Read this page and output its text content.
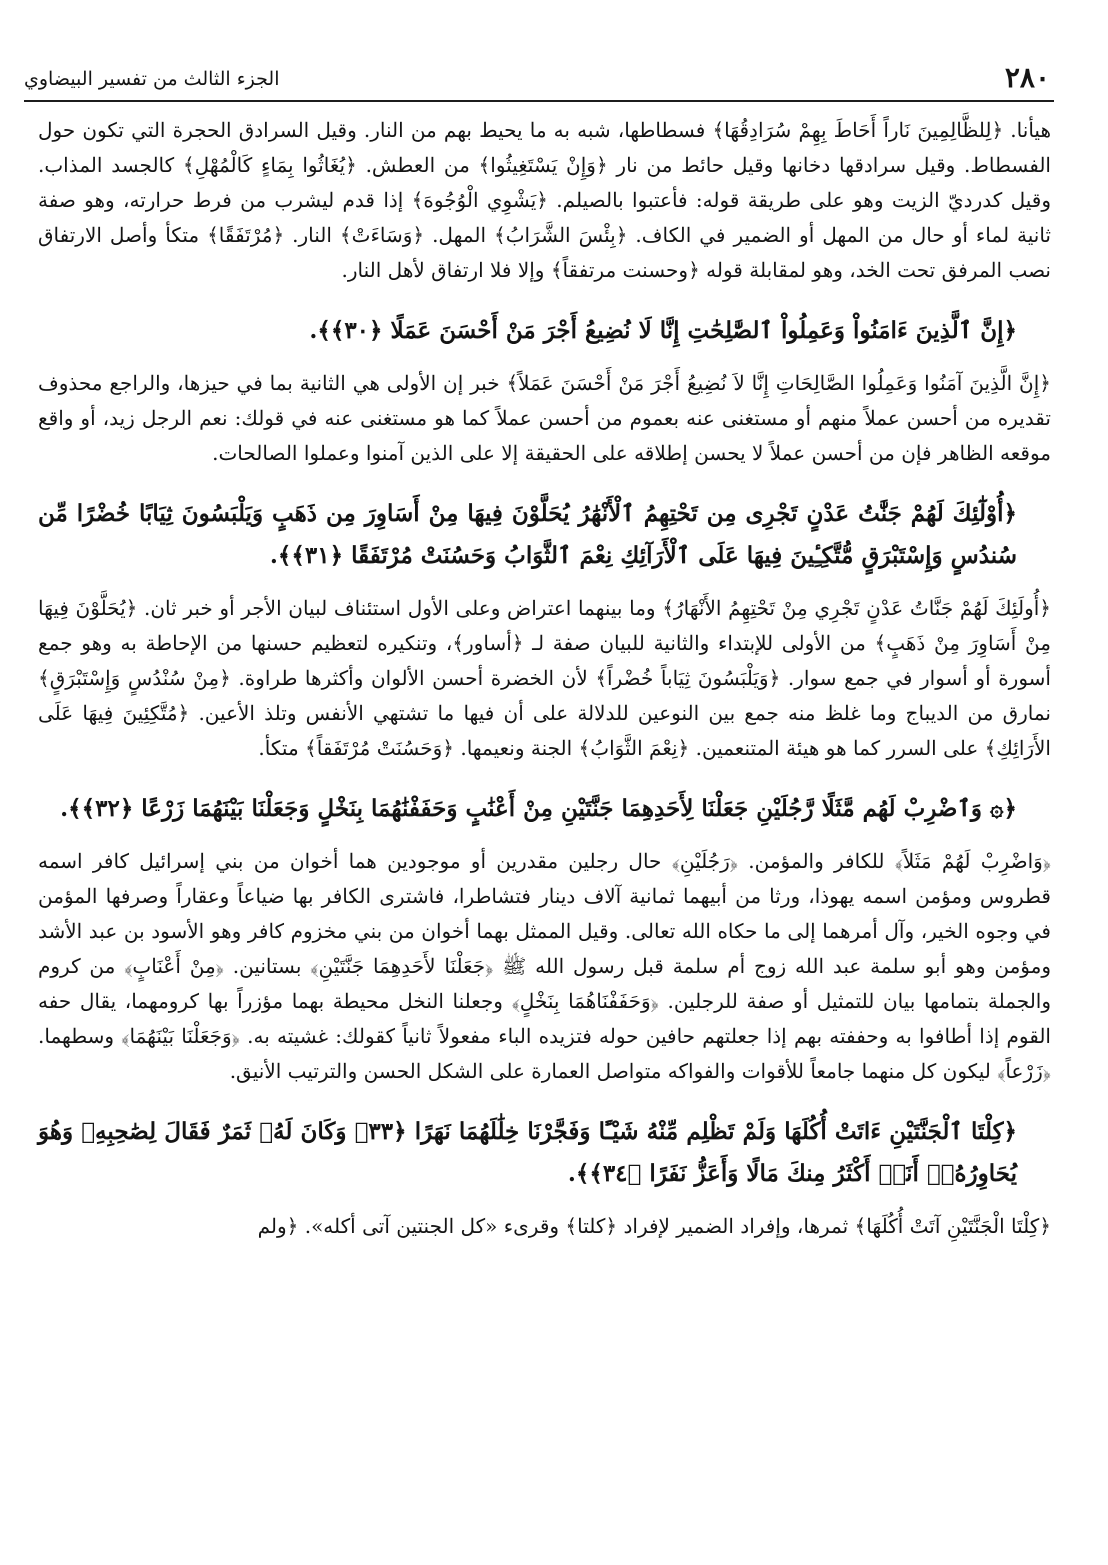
٢٨٠
الجزء الثالث من تفسير البيضاوي

هيأنا. ﴿لِلظَّالِمِينَ نَاراً أَحَاطَ بِهِمْ سُرَادِقُهَا﴾ فسطاطها، شبه به ما يحيط بهم من النار. وقيل السرادق الحجرة التي تكون حول الفسطاط. وقيل سرادقها دخانها وقيل حائط من نار ﴿وَإِنْ يَسْتَغِيثُوا﴾ من العطش. ﴿يُغَاثُوا بِمَاءٍ كَالْمُهْلِ﴾ كالجسد المذاب. وقيل كدرديّ الزيت وهو على طريقة قوله: فأعتبوا بالصيلم. ﴿يَشْوِي الْوُجُوهَ﴾ إذا قدم ليشرب من فرط حرارته، وهو صفة ثانية لماء أو حال من المهل أو الضمير في الكاف. ﴿بِئْسَ الشَّرَابُ﴾ المهل. ﴿وَسَاءَتْ﴾ النار. ﴿مُرْتَفَقًا﴾ متكأ وأصل الارتفاق نصب المرفق تحت الخد، وهو لمقابلة قوله ﴿وحسنت مرتفقاً﴾ وإلا فلا ارتفاق لأهل النار.

﴿إِنَّ ٱلَّذِينَ ءَامَنُواْ وَعَمِلُواْ ٱلصَّٰلِحَٰتِ إِنَّا لَا نُضِيعُ أَجْرَ مَنْ أَحْسَنَ عَمَلًا ﴿٣٠﴾﴾.

﴿إِنَّ الَّذِينَ آمَنُوا وَعَمِلُوا الصَّالِحَاتِ إِنَّا لاَ نُضِيعُ أَجْرَ مَنْ أَحْسَنَ عَمَلاً﴾ خبر إن الأولى هي الثانية بما في حيزها، والراجع محذوف تقديره من أحسن عملاً منهم أو مستغنى عنه بعموم من أحسن عملاً كما هو مستغنى عنه في قولك: نعم الرجل زيد، أو واقع موقعه الظاهر فإن من أحسن عملاً لا يحسن إطلاقه على الحقيقة إلا على الذين آمنوا وعملوا الصالحات.

﴿أُوْلَٰٓئِكَ لَهُمْ جَنَّٰتُ عَدْنٍ تَجْرِى مِن تَحْتِهِمُ ٱلْأَنْهَٰرُ يُحَلَّوْنَ فِيهَا مِنْ أَسَاوِرَ مِن ذَهَبٍ وَيَلْبَسُونَ ثِيَابًا خُضْرًا مِّن سُندُسٍ وَإِسْتَبْرَقٍ مُّتَّكِـِٔينَ فِيهَا عَلَى ٱلْأَرَآئِكِ نِعْمَ ٱلثَّوَابُ وَحَسُنَتْ مُرْتَفَقًا ﴿٣١﴾﴾.

﴿أُولَئِكَ لَهُمْ جَنَّاتُ عَدْنٍ تَجْرِي مِنْ تَحْتِهِمُ الأَنْهَارُ﴾ وما بينهما اعتراض وعلى الأول استئناف لبيان الأجر أو خبر ثان. ﴿يُحَلَّوْنَ فِيهَا مِنْ أَسَاوِرَ مِنْ ذَهَبٍ﴾ من الأولى للإبتداء والثانية للبيان صفة لـ ﴿أساور﴾، وتنكيره لتعظيم حسنها من الإحاطة به وهو جمع أسورة أو أسوار في جمع سوار. ﴿وَيَلْبَسُونَ ثِيَاباً خُضْراً﴾ لأن الخضرة أحسن الألوان وأكثرها طراوة. ﴿مِنْ سُنْدُسٍ وَإِسْتَبْرَقٍ﴾ نمارق من الديباج وما غلظ منه جمع بين النوعين للدلالة على أن فيها ما تشتهي الأنفس وتلذ الأعين. ﴿مُتَّكِئِينَ فِيهَا عَلَى الأَرَائِكِ﴾ على السرر كما هو هيئة المتنعمين. ﴿نِعْمَ الثَّوَابُ﴾ الجنة ونعيمها. ﴿وَحَسُنَتْ مُرْتَفَقاً﴾ متكأ.

﴿۞ وَٱضْرِبْ لَهُم مَّثَلًا رَّجُلَيْنِ جَعَلْنَا لِأَحَدِهِمَا جَنَّتَيْنِ مِنْ أَعْنَٰبٍ وَحَفَفْنَٰهُمَا بِنَخْلٍ وَجَعَلْنَا بَيْنَهُمَا زَرْعًا ﴿٣٢﴾﴾.

﴿وَاضْرِبْ لَهُمْ مَثَلاً﴾ للكافر والمؤمن. ﴿رَجُلَيْنِ﴾ حال رجلين مقدرين أو موجودين هما أخوان من بني إسرائيل كافر اسمه قطروس ومؤمن اسمه يهوذا، ورثا من أبيهما ثمانية آلاف دينار فتشاطرا، فاشترى الكافر بها ضياعاً وعقاراً وصرفها المؤمن في وجوه الخير، وآل أمرهما إلى ما حكاه الله تعالى. وقيل الممثل بهما أخوان من بني مخزوم كافر وهو الأسود بن عبد الأشد ومؤمن وهو أبو سلمة عبد الله زوج أم سلمة قبل رسول الله ﷺ ﴿جَعَلْنَا لأَحَدِهِمَا جَنَّتَيْنِ﴾ بستانين. ﴿مِنْ أَعْنَابٍ﴾ من كروم والجملة بتمامها بيان للتمثيل أو صفة للرجلين. ﴿وَحَفَفْنَاهُمَا بِنَخْلٍ﴾ وجعلنا النخل محيطة بهما مؤزراً بها كرومهما، يقال حفه القوم إذا أطافوا به وحففته بهم إذا جعلتهم حافين حوله فتزيده الباء مفعولاً ثانياً كقولك: غشيته به. ﴿وَجَعَلْنَا بَيْنَهُمَا﴾ وسطهما. ﴿زَرْعاً﴾ ليكون كل منهما جامعاً للأقوات والفواكه متواصل العمارة على الشكل الحسن والترتيب الأنيق.

﴿كِلْتَا ٱلْجَنَّتَيْنِ ءَاتَتْ أُكُلَهَا وَلَمْ تَظْلِم مِّنْهُ شَيْـًٔا وَفَجَّرْنَا خِلَٰلَهُمَا نَهَرًا ﴿٣٣﴾ وَكَانَ لَهُۥ ثَمَرٌ فَقَالَ لِصَٰحِبِهِۦ وَهُوَ يُحَاوِرُهُۥٓ أَنَا۠ أَكْثَرُ مِنكَ مَالًا وَأَعَزُّ نَفَرًا ﴿٣٤﴾﴾.

﴿كِلْتَا الْجَنَّتَيْنِ آتَتْ أُكُلَهَا﴾ ثمرها، وإفراد الضمير لإفراد ﴿كلتا﴾ وقرىء «كل الجنتين آتى أكله». ﴿ولم
